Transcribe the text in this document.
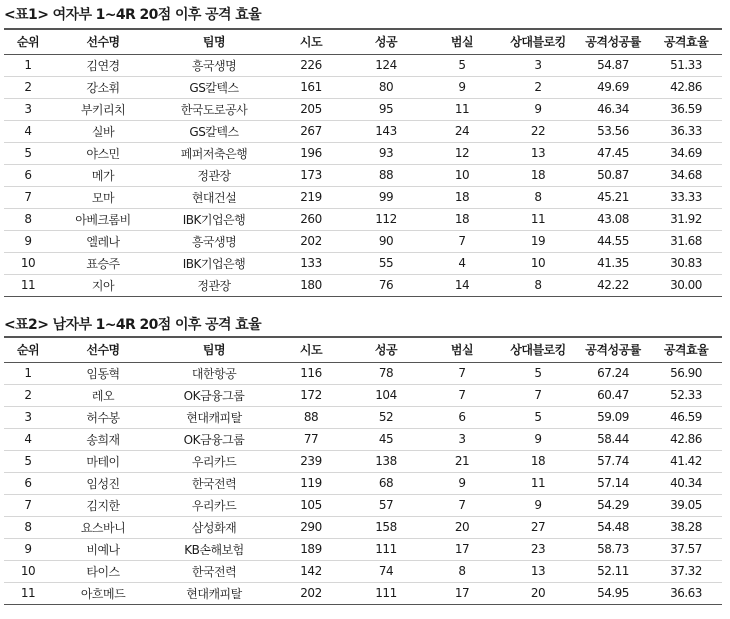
<표1> 여자부 1~4R 20점 이후 공격 효율
순위	선수명	팀명	시도	성공	범실	상대블로킹	공격성공률	공격효율
1	김연경	흥국생명	226	124	5	3	54.87	51.33
2	강소휘	GS칼텍스	161	80	9	2	49.69	42.86
3	부키리치	한국도로공사	205	95	11	9	46.34	36.59
4	실바	GS칼텍스	267	143	24	22	53.56	36.33
5	야스민	페퍼저축은행	196	93	12	13	47.45	34.69
6	메가	정관장	173	88	10	18	50.87	34.68
7	모마	현대건설	219	99	18	8	45.21	33.33
8	아베크롬비	IBK기업은행	260	112	18	11	43.08	31.92
9	엘레나	흥국생명	202	90	7	19	44.55	31.68
10	표승주	IBK기업은행	133	55	4	10	41.35	30.83
11	지아	정관장	180	76	14	8	42.22	30.00
<표2> 남자부 1~4R 20점 이후 공격 효율
순위	선수명	팀명	시도	성공	범실	상대블로킹	공격성공률	공격효율
1	임동혁	대한항공	116	78	7	5	67.24	56.90
2	레오	OK금융그룹	172	104	7	7	60.47	52.33
3	허수봉	현대캐피탈	88	52	6	5	59.09	46.59
4	송희재	OK금융그룹	77	45	3	9	58.44	42.86
5	마테이	우리카드	239	138	21	18	57.74	41.42
6	임성진	한국전력	119	68	9	11	57.14	40.34
7	김지한	우리카드	105	57	7	9	54.29	39.05
8	요스바니	삼성화재	290	158	20	27	54.48	38.28
9	비예나	KB손해보험	189	111	17	23	58.73	37.57
10	타이스	한국전력	142	74	8	13	52.11	37.32
11	아흐메드	현대캐피탈	202	111	17	20	54.95	36.63
